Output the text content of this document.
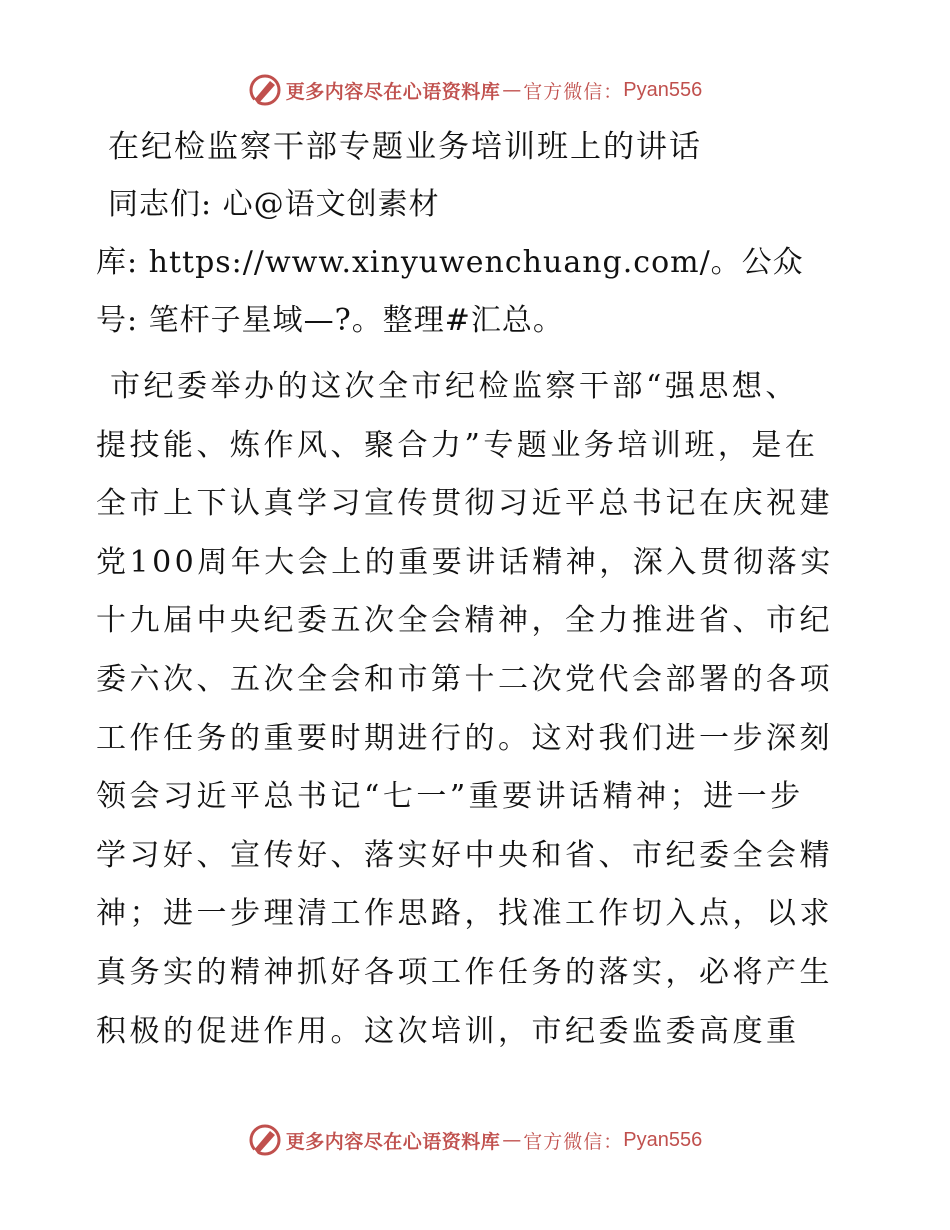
更多内容尽在心语资料库 — 官方微信： Pyan556
在纪检监察干部专题业务培训班上的讲话
同志们: 心@语文创素材
库: https://www.xinyuwenchuang.com/。公众
号: 笔杆子星域—?。整理#汇总。
市纪委举办的这次全市纪检监察干部“强思想、
提技能、炼作风、聚合力”专题业务培训班，是在
全市上下认真学习宣传贯彻习近平总书记在庆祝建
党100周年大会上的重要讲话精神，深入贯彻落实
十九届中央纪委五次全会精神，全力推进省、市纪
委六次、五次全会和市第十二次党代会部署的各项
工作任务的重要时期进行的。这对我们进一步深刻
领会习近平总书记“七一”重要讲话精神；进一步
学习好、宣传好、落实好中央和省、市纪委全会精
神；进一步理清工作思路，找准工作切入点，以求
真务实的精神抓好各项工作任务的落实，必将产生
积极的促进作用。这次培训，市纪委监委高度重
更多内容尽在心语资料库 — 官方微信： Pyan556
